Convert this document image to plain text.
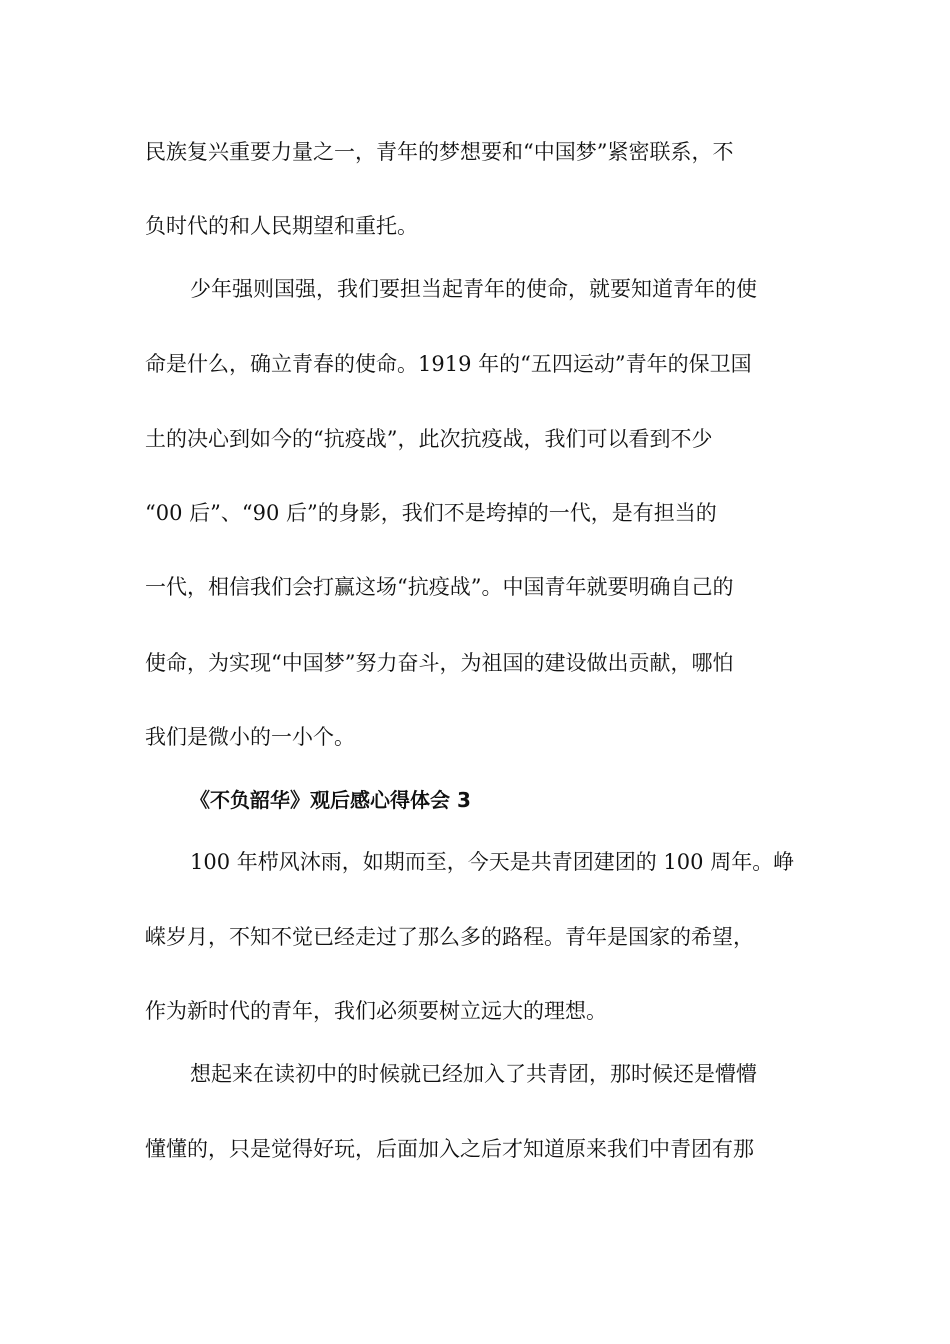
民族复兴重要力量之一，青年的梦想要和“中国梦”紧密联系，不
负时代的和人民期望和重托。
少年强则国强，我们要担当起青年的使命，就要知道青年的使
命是什么，确立青春的使命。1919 年的“五四运动”青年的保卫国
土的决心到如今的“抗疫战”，此次抗疫战，我们可以看到不少
“00 后”、“90 后”的身影，我们不是垮掉的一代，是有担当的
一代，相信我们会打赢这场“抗疫战”。中国青年就要明确自己的
使命，为实现“中国梦”努力奋斗，为祖国的建设做出贡献，哪怕
我们是微小的一小个。
《不负韶华》观后感心得体会 3
100 年栉风沐雨，如期而至，今天是共青团建团的 100 周年。峥
嵘岁月，不知不觉已经走过了那么多的路程。青年是国家的希望，
作为新时代的青年，我们必须要树立远大的理想。
想起来在读初中的时候就已经加入了共青团，那时候还是懵懵
懂懂的，只是觉得好玩，后面加入之后才知道原来我们中青团有那
